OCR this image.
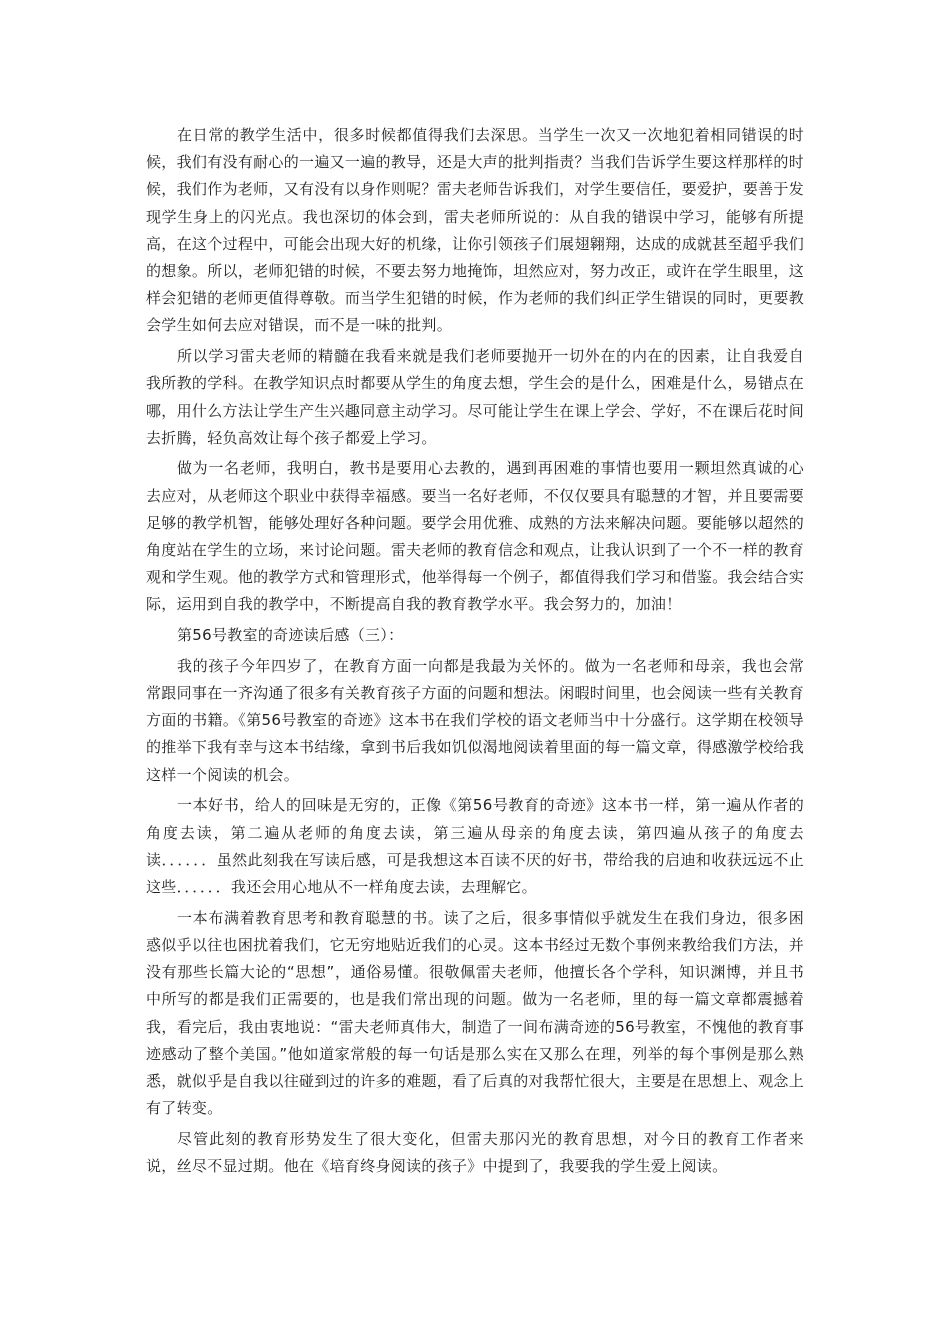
在日常的教学生活中，很多时候都值得我们去深思。当学生一次又一次地犯着相同错误的时候，我们有没有耐心的一遍又一遍的教导，还是大声的批判指责？当我们告诉学生要这样那样的时候，我们作为老师，又有没有以身作则呢？雷夫老师告诉我们，对学生要信任，要爱护，要善于发现学生身上的闪光点。我也深切的体会到，雷夫老师所说的：从自我的错误中学习，能够有所提高，在这个过程中，可能会出现大好的机缘，让你引领孩子们展翅翱翔，达成的成就甚至超乎我们的想象。所以，老师犯错的时候，不要去努力地掩饰，坦然应对，努力改正，或许在学生眼里，这样会犯错的老师更值得尊敬。而当学生犯错的时候，作为老师的我们纠正学生错误的同时，更要教会学生如何去应对错误，而不是一味的批判。

所以学习雷夫老师的精髓在我看来就是我们老师要抛开一切外在的内在的因素，让自我爱自我所教的学科。在教学知识点时都要从学生的角度去想，学生会的是什么，困难是什么，易错点在哪，用什么方法让学生产生兴趣同意主动学习。尽可能让学生在课上学会、学好，不在课后花时间去折腾，轻负高效让每个孩子都爱上学习。

做为一名老师，我明白，教书是要用心去教的，遇到再困难的事情也要用一颗坦然真诚的心去应对，从老师这个职业中获得幸福感。要当一名好老师，不仅仅要具有聪慧的才智，并且要需要足够的教学机智，能够处理好各种问题。要学会用优雅、成熟的方法来解决问题。要能够以超然的角度站在学生的立场，来讨论问题。雷夫老师的教育信念和观点，让我认识到了一个不一样的教育观和学生观。他的教学方式和管理形式，他举得每一个例子，都值得我们学习和借鉴。我会结合实际，运用到自我的教学中，不断提高自我的教育教学水平。我会努力的，加油！

第56号教室的奇迹读后感（三）：

我的孩子今年四岁了，在教育方面一向都是我最为关怀的。做为一名老师和母亲，我也会常常跟同事在一齐沟通了很多有关教育孩子方面的问题和想法。闲暇时间里，也会阅读一些有关教育方面的书籍。《第56号教室的奇迹》这本书在我们学校的语文老师当中十分盛行。这学期在校领导的推举下我有幸与这本书结缘，拿到书后我如饥似渴地阅读着里面的每一篇文章，得感激学校给我这样一个阅读的机会。

一本好书，给人的回味是无穷的，正像《第56号教育的奇迹》这本书一样，第一遍从作者的角度去读，第二遍从老师的角度去读，第三遍从母亲的角度去读，第四遍从孩子的角度去读．．．．．．虽然此刻我在写读后感，可是我想这本百读不厌的好书，带给我的启迪和收获远远不止这些．．．．．．我还会用心地从不一样角度去读，去理解它。

一本布满着教育思考和教育聪慧的书。读了之后，很多事情似乎就发生在我们身边，很多困惑似乎以往也困扰着我们，它无穷地贴近我们的心灵。这本书经过无数个事例来教给我们方法，并没有那些长篇大论的“思想”，通俗易懂。很敬佩雷夫老师，他擅长各个学科，知识渊博，并且书中所写的都是我们正需要的，也是我们常出现的问题。做为一名老师，里的每一篇文章都震撼着我，看完后，我由衷地说：“雷夫老师真伟大，制造了一间布满奇迹的56号教室，不愧他的教育事迹感动了整个美国。”他如道家常般的每一句话是那么实在又那么在理，列举的每个事例是那么熟悉，就似乎是自我以往碰到过的许多的难题，看了后真的对我帮忙很大，主要是在思想上、观念上有了转变。

尽管此刻的教育形势发生了很大变化，但雷夫那闪光的教育思想，对今日的教育工作者来说，丝尽不显过期。他在《培育终身阅读的孩子》中提到了，我要我的学生爱上阅读。
